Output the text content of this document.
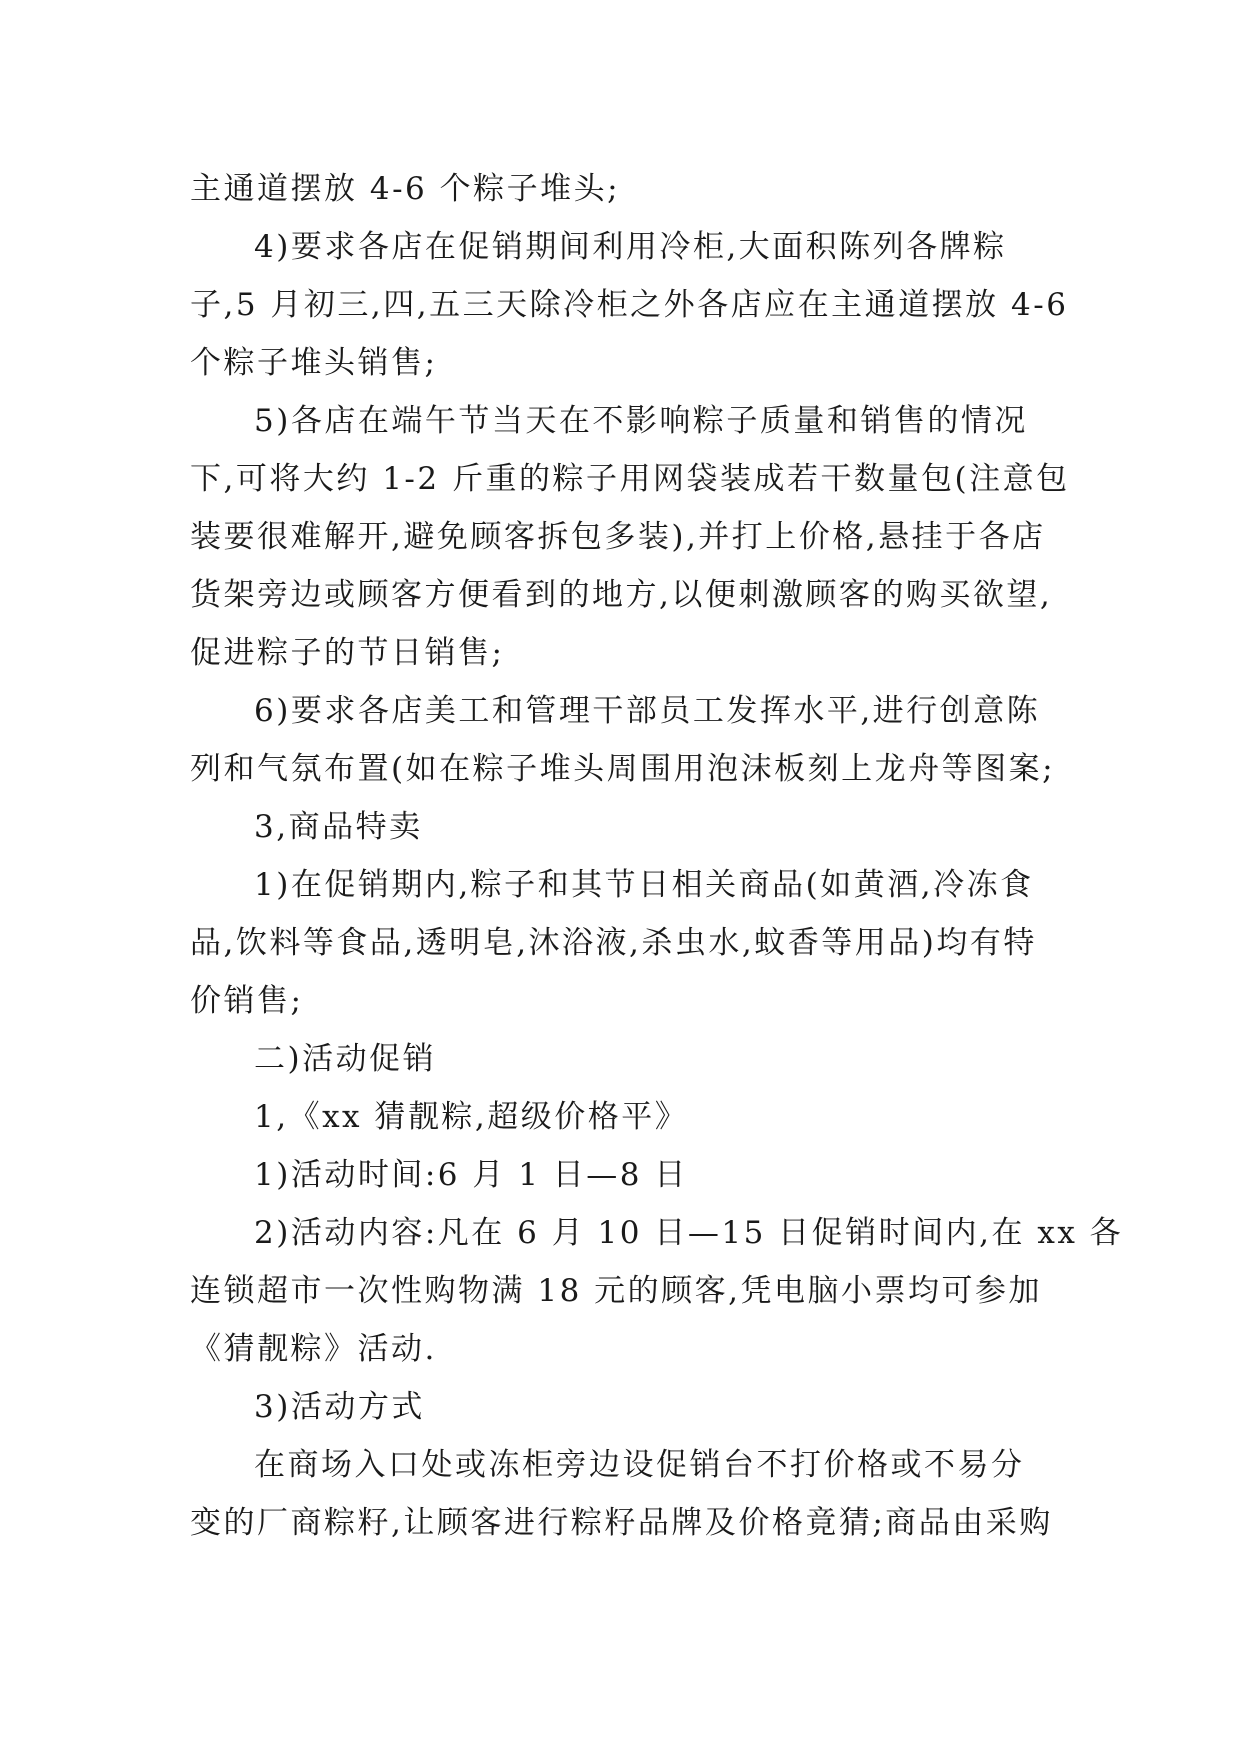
主通道摆放 4-6 个粽子堆头;
4)要求各店在促销期间利用冷柜,大面积陈列各牌粽
子,5 月初三,四,五三天除冷柜之外各店应在主通道摆放 4-6
个粽子堆头销售;
5)各店在端午节当天在不影响粽子质量和销售的情况
下,可将大约 1-2 斤重的粽子用网袋装成若干数量包(注意包
装要很难解开,避免顾客拆包多装),并打上价格,悬挂于各店
货架旁边或顾客方便看到的地方,以便刺激顾客的购买欲望,
促进粽子的节日销售;
6)要求各店美工和管理干部员工发挥水平,进行创意陈
列和气氛布置(如在粽子堆头周围用泡沫板刻上龙舟等图案;
3,商品特卖
1)在促销期内,粽子和其节日相关商品(如黄酒,冷冻食
品,饮料等食品,透明皂,沐浴液,杀虫水,蚊香等用品)均有特
价销售;
二)活动促销
1,《xx 猜靓粽,超级价格平》
1)活动时间:6 月 1 日—8 日
2)活动内容:凡在 6 月 10 日—15 日促销时间内,在 xx 各
连锁超市一次性购物满 18 元的顾客,凭电脑小票均可参加
《猜靓粽》活动.
3)活动方式
在商场入口处或冻柜旁边设促销台不打价格或不易分
变的厂商粽籽,让顾客进行粽籽品牌及价格竟猜;商品由采购
